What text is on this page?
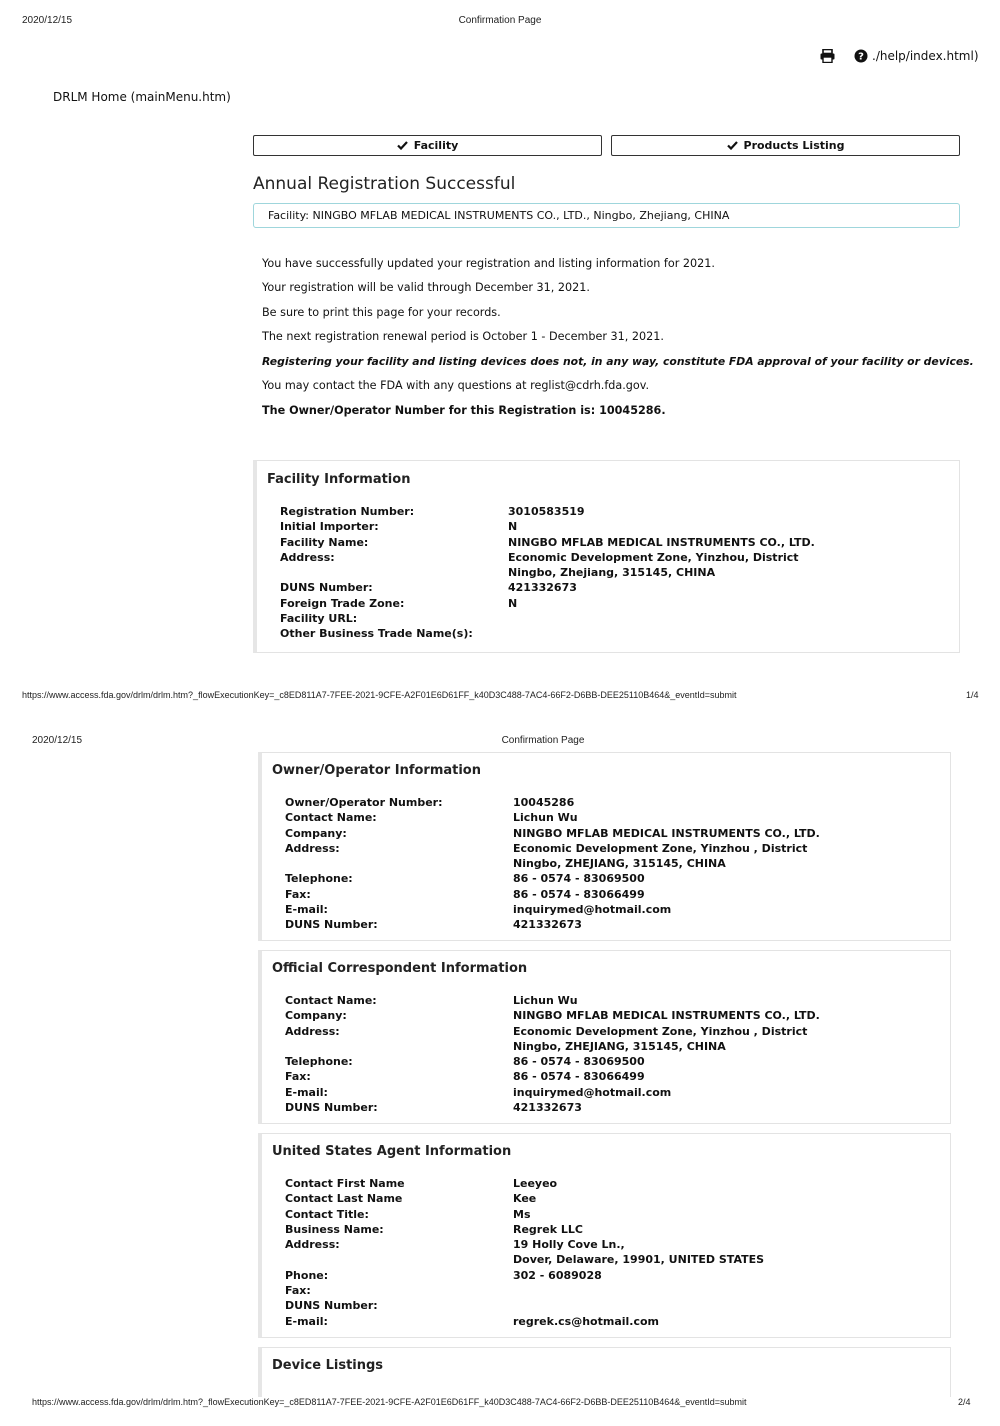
2020/12/15	Confirmation Page
? ./help/index.html)
DRLM Home (mainMenu.htm)
Facility	Products Listing
Annual Registration Successful
Facility: NINGBO MFLAB MEDICAL INSTRUMENTS CO., LTD., Ningbo, Zhejiang, CHINA
You have successfully updated your registration and listing information for 2021.
Your registration will be valid through December 31, 2021.
Be sure to print this page for your records.
The next registration renewal period is October 1 - December 31, 2021.
Registering your facility and listing devices does not, in any way, constitute FDA approval of your facility or devices.
You may contact the FDA with any questions at reglist@cdrh.fda.gov.
The Owner/Operator Number for this Registration is: 10045286.
Facility Information
Registration Number:	3010583519
Initial Importer:	N
Facility Name:	NINGBO MFLAB MEDICAL INSTRUMENTS CO., LTD.
Address:	Economic Development Zone, Yinzhou, District
Ningbo, Zhejiang, 315145, CHINA
DUNS Number:	421332673
Foreign Trade Zone:	N
Facility URL:
Other Business Trade Name(s):
https://www.access.fda.gov/drlm/drlm.htm?_flowExecutionKey=_c8ED811A7-7FEE-2021-9CFE-A2F01E6D61FF_k40D3C488-7AC4-66F2-D6BB-DEE25110B464&_eventId=submit	1/4
2020/12/15	Confirmation Page
Owner/Operator Information
Owner/Operator Number:	10045286
Contact Name:	Lichun Wu
Company:	NINGBO MFLAB MEDICAL INSTRUMENTS CO., LTD.
Address:	Economic Development Zone, Yinzhou , District
Ningbo, ZHEJIANG, 315145, CHINA
Telephone:	86 - 0574 - 83069500
Fax:	86 - 0574 - 83066499
E-mail:	inquirymed@hotmail.com
DUNS Number:	421332673
Official Correspondent Information
Contact Name:	Lichun Wu
Company:	NINGBO MFLAB MEDICAL INSTRUMENTS CO., LTD.
Address:	Economic Development Zone, Yinzhou , District
Ningbo, ZHEJIANG, 315145, CHINA
Telephone:	86 - 0574 - 83069500
Fax:	86 - 0574 - 83066499
E-mail:	inquirymed@hotmail.com
DUNS Number:	421332673
United States Agent Information
Contact First Name	Leeyeo
Contact Last Name	Kee
Contact Title:	Ms
Business Name:	Regrek LLC
Address:	19 Holly Cove Ln.,
Dover, Delaware, 19901, UNITED STATES
Phone:	302 - 6089028
Fax:
DUNS Number:
E-mail:	regrek.cs@hotmail.com
Device Listings
https://www.access.fda.gov/drlm/drlm.htm?_flowExecutionKey=_c8ED811A7-7FEE-2021-9CFE-A2F01E6D61FF_k40D3C488-7AC4-66F2-D6BB-DEE25110B464&_eventId=submit	2/4
